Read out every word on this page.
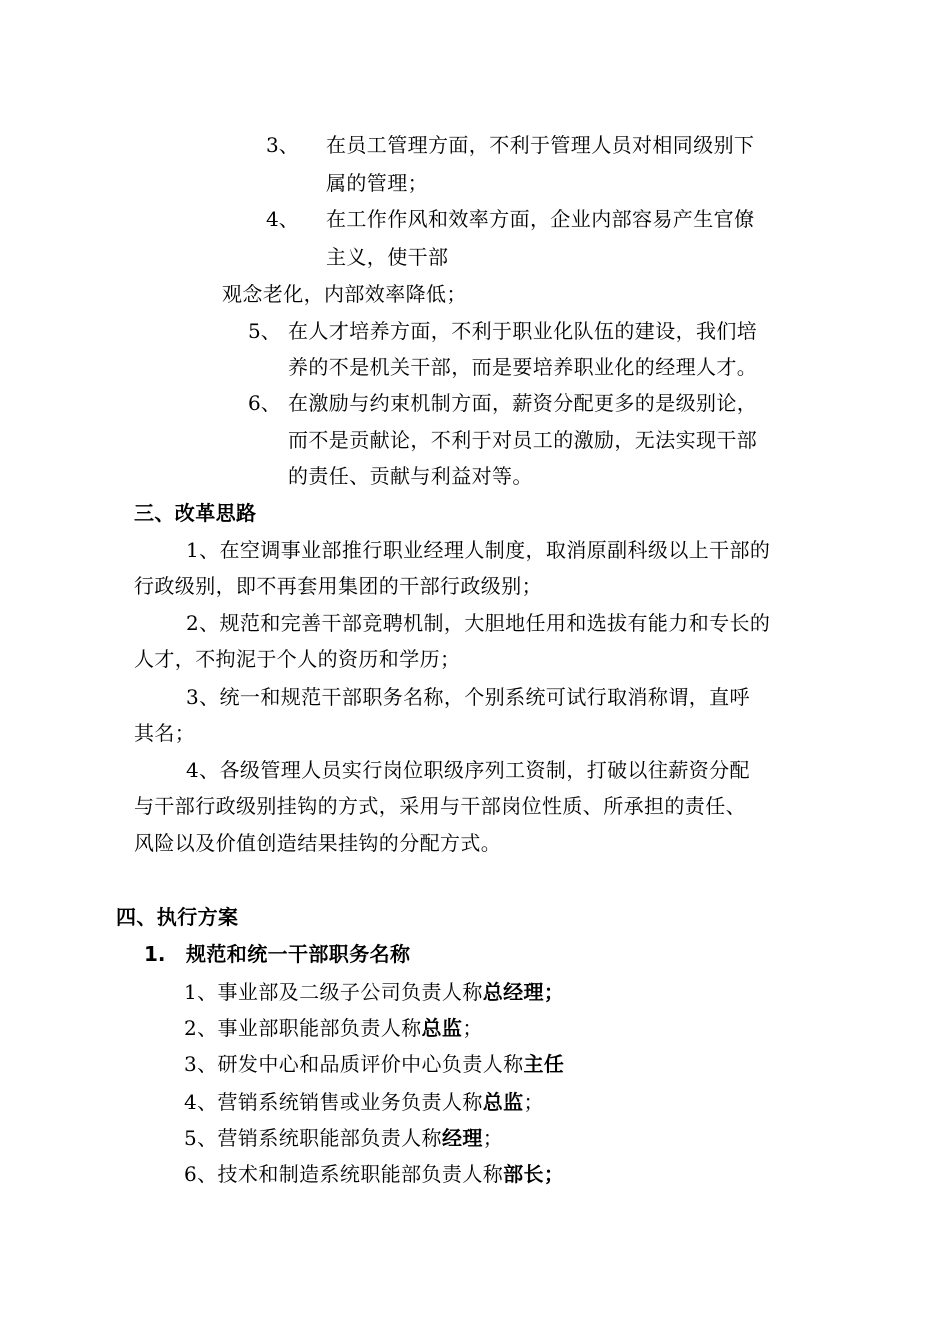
3、 在员工管理方面，不利于管理人员对相同级别下
属的管理；
4、 在工作作风和效率方面，企业内部容易产生官僚
主义，使干部
观念老化，内部效率降低；
5、 在人才培养方面，不利于职业化队伍的建设，我们培
养的不是机关干部，而是要培养职业化的经理人才。
6、 在激励与约束机制方面，薪资分配更多的是级别论，
而不是贡献论，不利于对员工的激励，无法实现干部
的责任、贡献与利益对等。
三、改革思路
1、在空调事业部推行职业经理人制度，取消原副科级以上干部的
行政级别，即不再套用集团的干部行政级别；
2、规范和完善干部竞聘机制，大胆地任用和选拔有能力和专长的
人才，不拘泥于个人的资历和学历；
3、统一和规范干部职务名称，个别系统可试行取消称谓，直呼
其名；
4、各级管理人员实行岗位职级序列工资制，打破以往薪资分配
与干部行政级别挂钩的方式，采用与干部岗位性质、所承担的责任、
风险以及价值创造结果挂钩的分配方式。
四、执行方案
1. 规范和统一干部职务名称
1、事业部及二级子公司负责人称总经理；
2、事业部职能部负责人称总监；
3、研发中心和品质评价中心负责人称主任
4、营销系统销售或业务负责人称总监；
5、营销系统职能部负责人称经理；
6、技术和制造系统职能部负责人称部长；
